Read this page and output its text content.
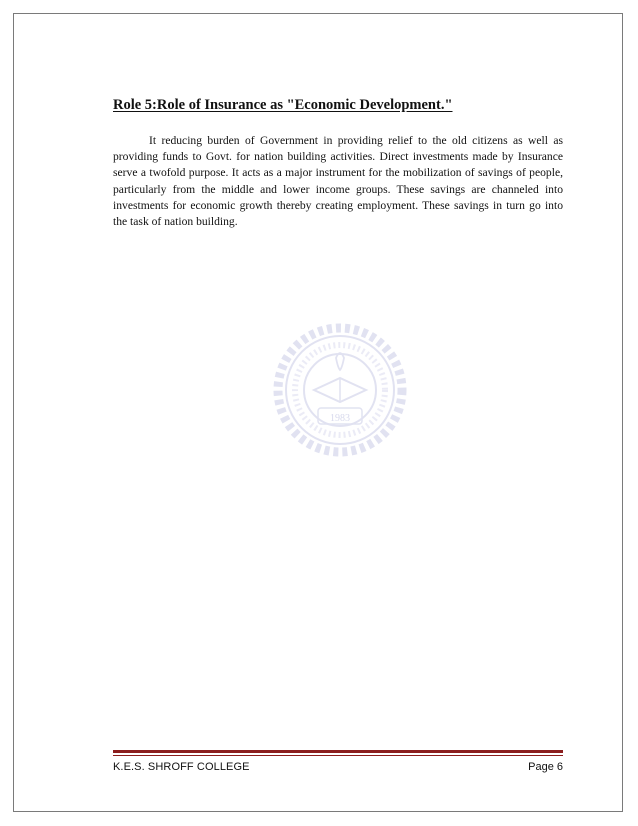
Role 5:Role of Insurance as "Economic Development."

It reducing burden of Government in providing relief to the old citizens as well as providing funds to Govt. for nation building activities. Direct investments made by Insurance serve a twofold purpose. It acts as a major instrument for the mobilization of savings of people, particularly from the middle and lower income groups. These savings are channeled into investments for economic growth thereby creating employment. These savings in turn go into the task of nation building.

1983
K.E.S. SHROFF COLLEGE	Page 6
